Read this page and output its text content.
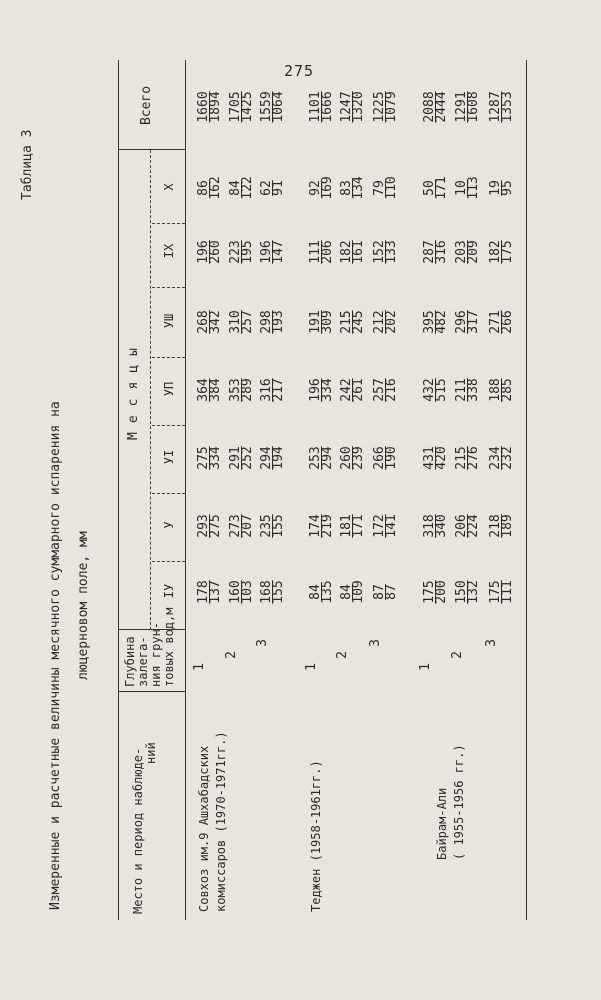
275
Таблица 3
Измеренные и расчетные величины месячного суммарного испарения на люцерновом поле, мм
Место и период наблюде- ний
Глубина залега- ния грун- товых вод,м
Месяцы
Всего
IУ
У
УI
УП
УШ
IХ
Х
Совхоз им.9 Ашхабадских комиссаров (1970-1971гг.)
1
178
137
293
275
275
334
364
384
268
342
196
260
86
162
1660
1894
2
160
103
273
207
291
252
353
289
310
257
223
195
84
122
1705
1425
3
168
155
235
155
294
194
316
217
298
193
196
147
62
91
1559
1064
Теджен (1958-1961гг.)
1
84
135
174
219
253
294
196
334
191
309
111
206
92
169
1101
1666
2
84
109
181
171
260
239
242
261
215
245
182
161
83
134
1247
1320
3
87
87
172
141
266
190
257
216
212
202
152
133
79
110
1225
1079
Байрам-Али ( 1955-1956 гг.)
1
175
200
318
340
431
420
432
515
395
482
287
316
50
171
2088
2444
2
150
132
206
224
215
276
211
338
296
317
203
209
10
113
1291
1608
3
175
111
218
189
234
232
188
285
271
266
182
175
19
95
1287
1353
